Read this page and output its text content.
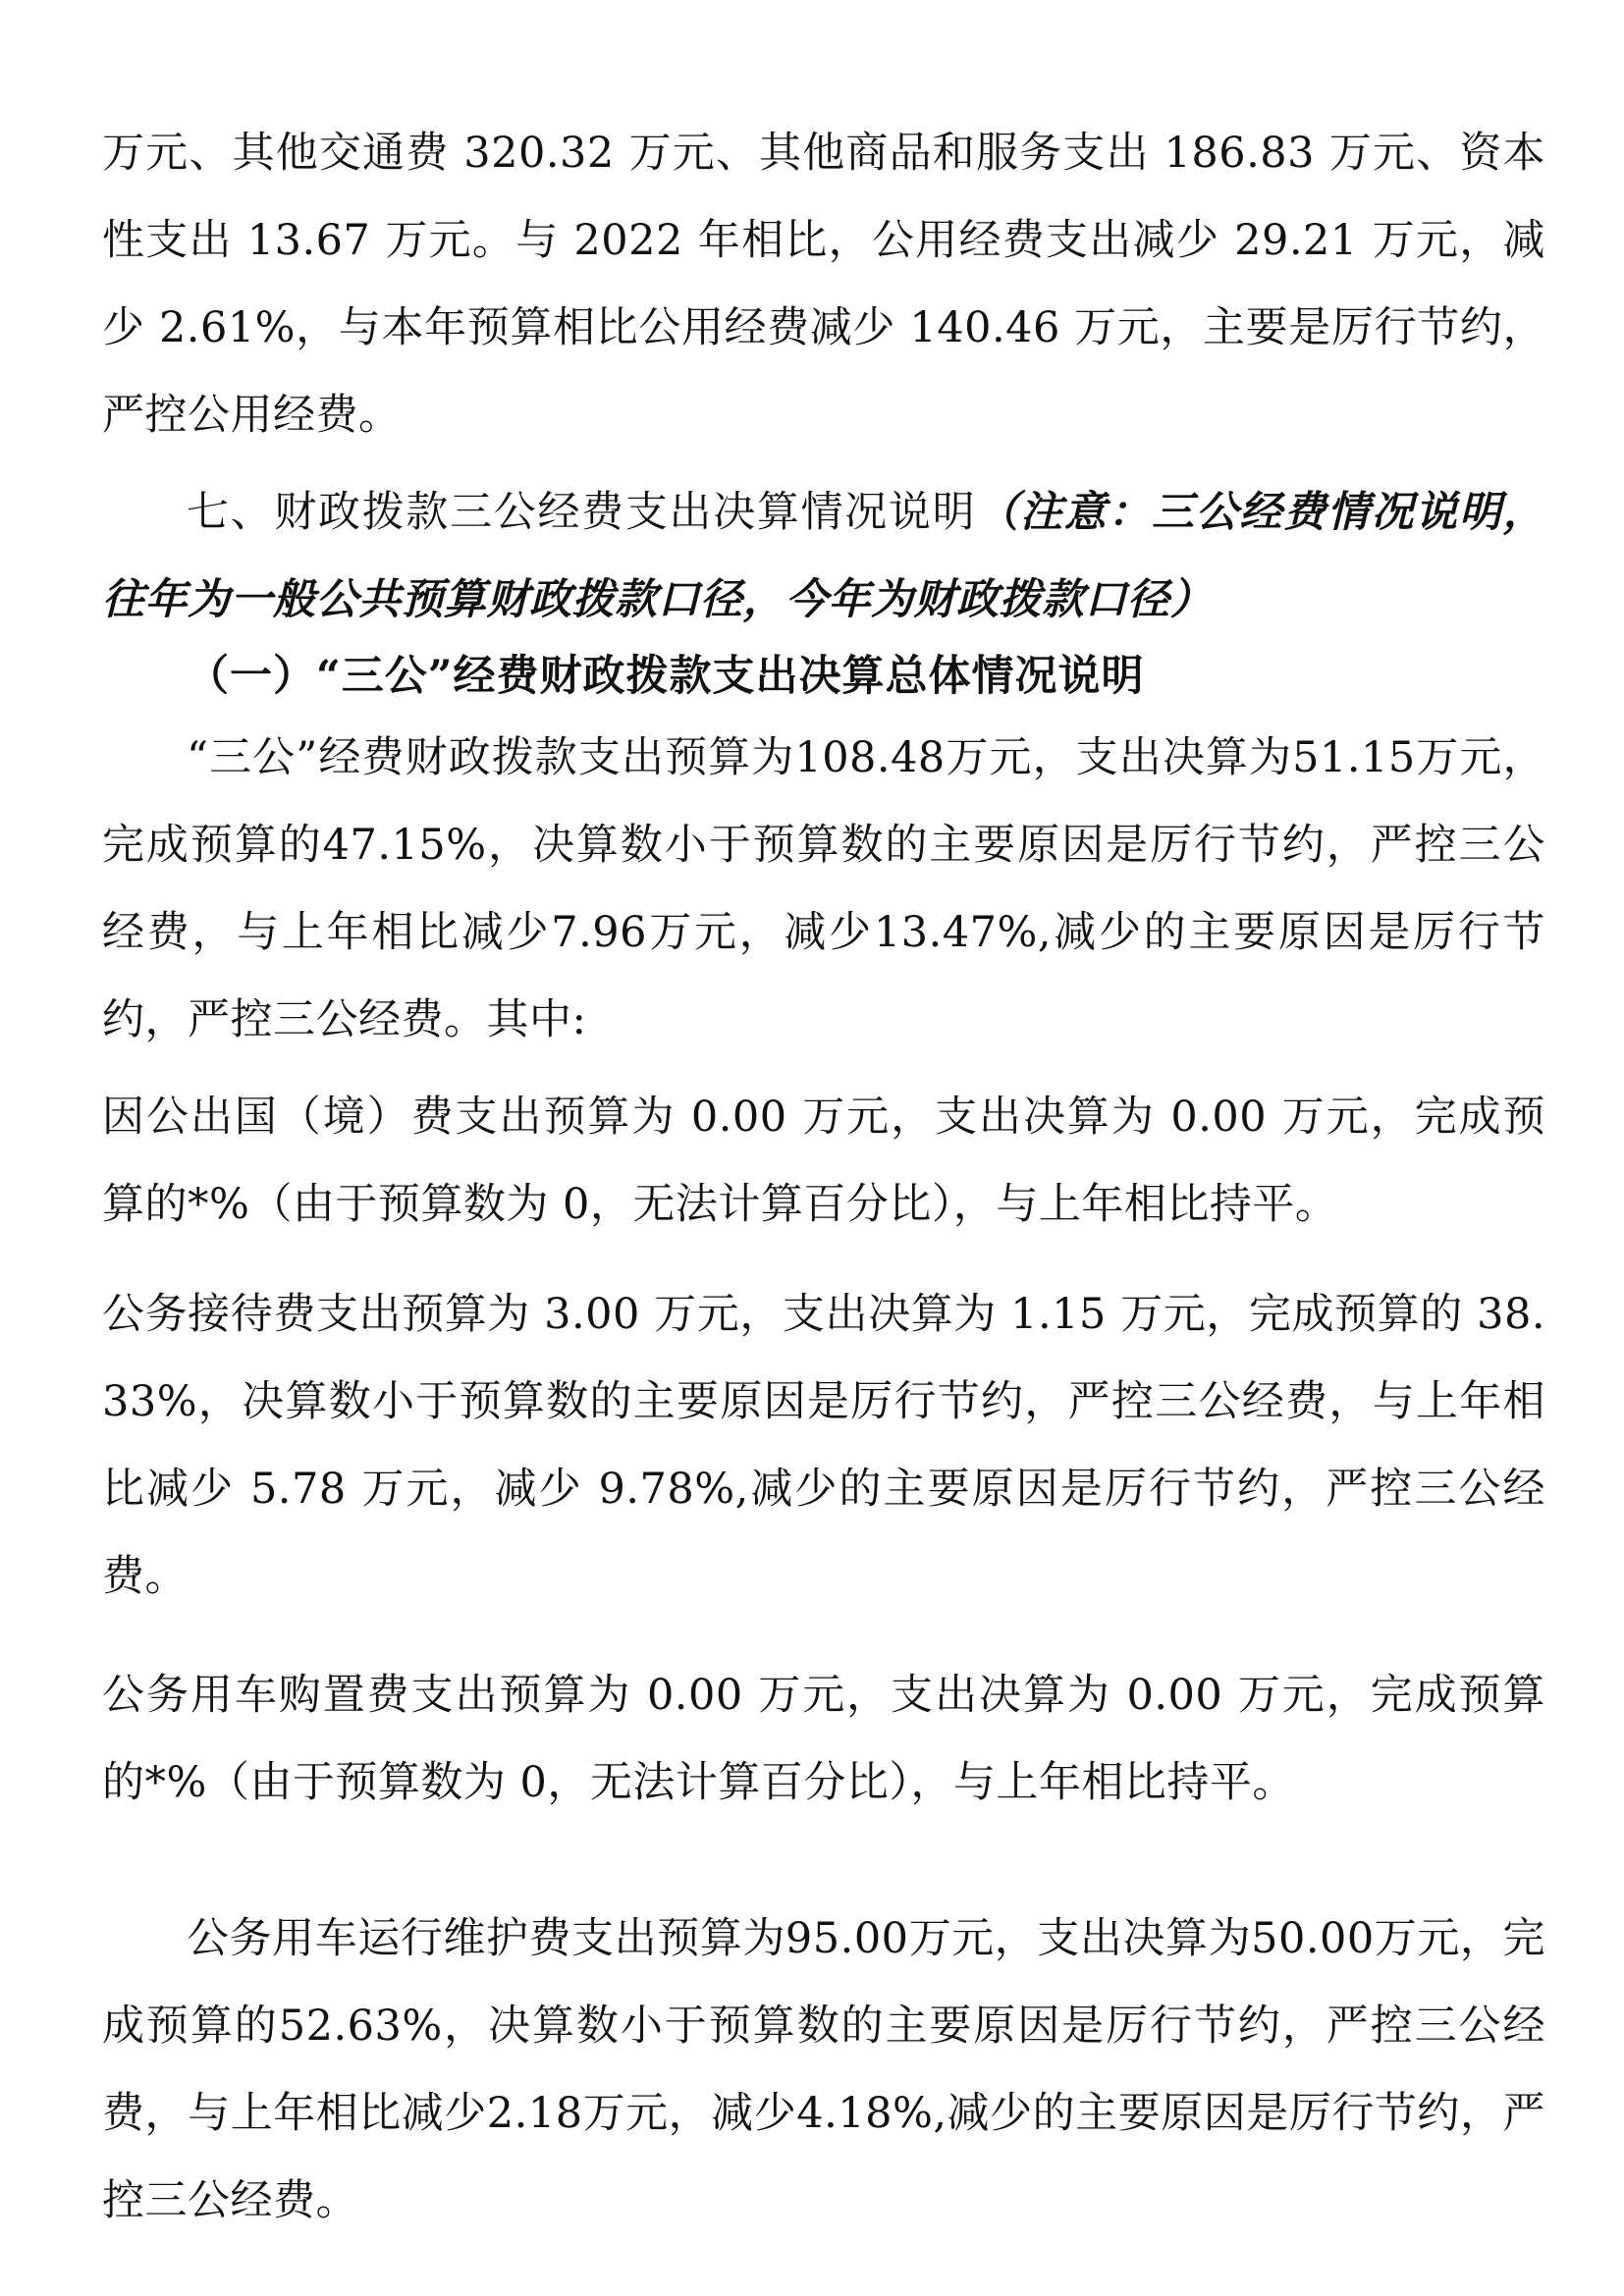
万元、其他交通费 320.32 万元、其他商品和服务支出 186.83 万元、资本性支出 13.67 万元。与 2022 年相比，公用经费支出减少 29.21 万元，减少 2.61%，与本年预算相比公用经费减少 140.46 万元，主要是厉行节约，严控公用经费。

七、财政拨款三公经费支出决算情况说明（注意：三公经费情况说明，往年为一般公共预算财政拨款口径，今年为财政拨款口径）

（一）“三公”经费财政拨款支出决算总体情况说明

“三公”经费财政拨款支出预算为108.48万元，支出决算为51.15万元，完成预算的47.15%，决算数小于预算数的主要原因是厉行节约，严控三公经费，与上年相比减少7.96万元，减少13.47%,减少的主要原因是厉行节约，严控三公经费。其中:

因公出国（境）费支出预算为 0.00 万元，支出决算为 0.00 万元，完成预算的*%（由于预算数为 0，无法计算百分比），与上年相比持平。

公务接待费支出预算为 3.00 万元，支出决算为 1.15 万元，完成预算的 38.33%，决算数小于预算数的主要原因是厉行节约，严控三公经费，与上年相比减少 5.78 万元，减少 9.78%,减少的主要原因是厉行节约，严控三公经费。

公务用车购置费支出预算为 0.00 万元，支出决算为 0.00 万元，完成预算的*%（由于预算数为 0，无法计算百分比），与上年相比持平。

公务用车运行维护费支出预算为95.00万元，支出决算为50.00万元，完成预算的52.63%，决算数小于预算数的主要原因是厉行节约，严控三公经费，与上年相比减少2.18万元，减少4.18%,减少的主要原因是厉行节约，严控三公经费。
